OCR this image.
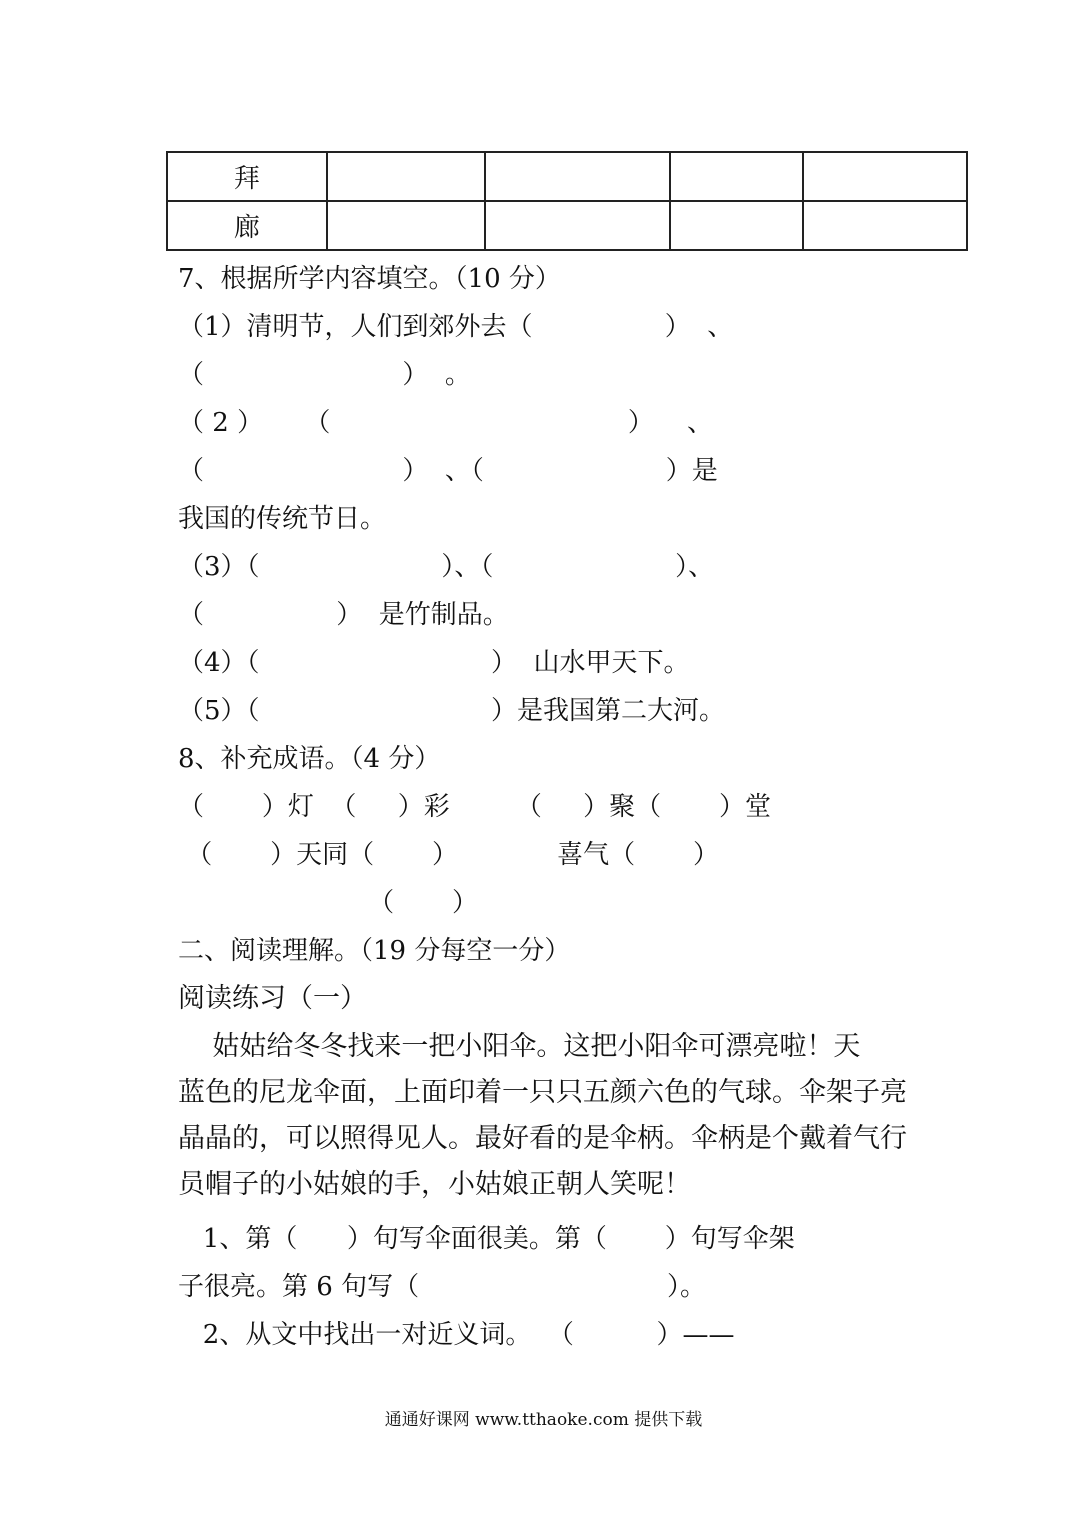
拜				
廊				
7、根据所学内容填空。（10 分）
（1）清明节，人们到郊外去（                ）  、
（                        ）  。
（ 2 ）     （                                    ）    、
（                        ）  、（                      ）是
我国的传统节日。
（3）（                      ）、（                      ）、
（                ）  是竹制品。
（4）（                            ）  山水甲天下。
（5）（                            ）是我国第二大河。
8、补充成语。（4 分）
（       ）灯  （     ）彩        （     ）聚（       ）堂
（       ）天同（       ）            喜气（       ）
（       ）
二、阅读理解。（19 分每空一分）
阅读练习（一）
姑姑给冬冬找来一把小阳伞。这把小阳伞可漂亮啦！天
蓝色的尼龙伞面，上面印着一只只五颜六色的气球。伞架子亮
晶晶的，可以照得见人。最好看的是伞柄。伞柄是个戴着气行
员帽子的小姑娘的手，小姑娘正朝人笑呢！
1、第（      ）句写伞面很美。第（       ）句写伞架
子很亮。第 6 句写（                              ）。
2、从文中找出一对近义词。  （          ）——
通通好课网 www.tthaoke.com 提供下载
